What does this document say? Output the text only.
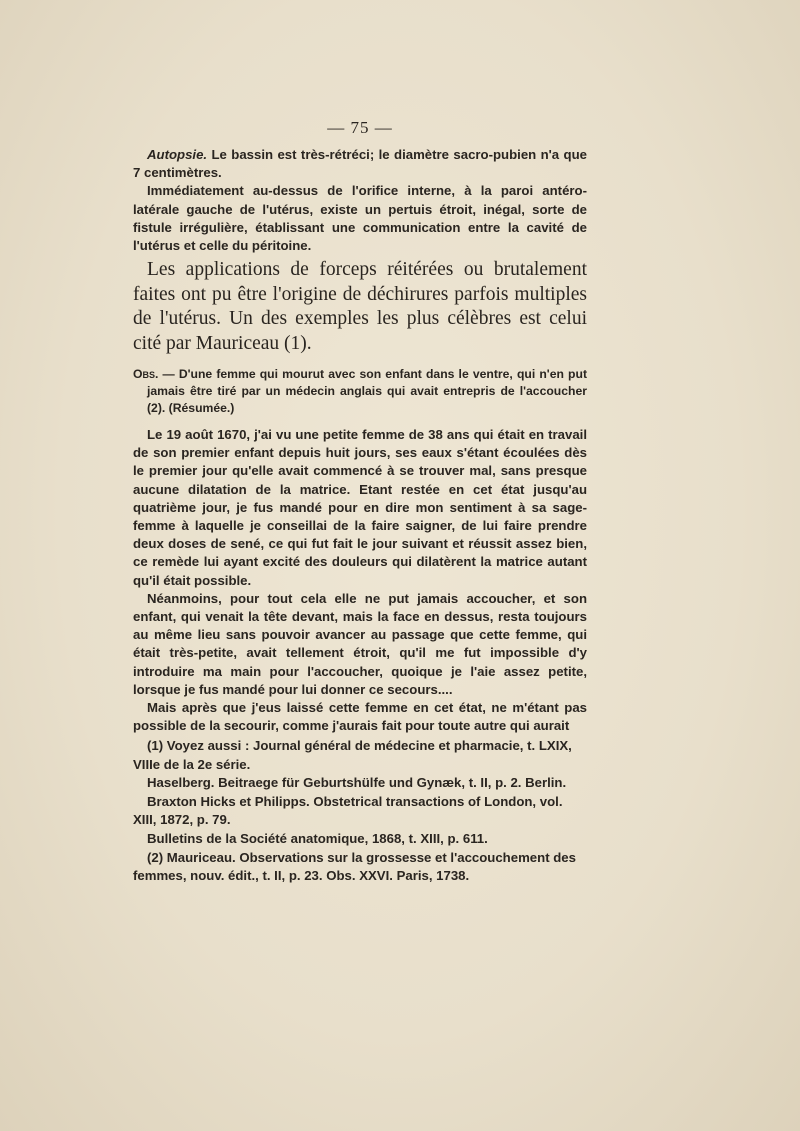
— 75 —

Autopsie. Le bassin est très-rétréci; le diamètre sacro-pubien n'a que 7 centimètres.

Immédiatement au-dessus de l'orifice interne, à la paroi antéro-latérale gauche de l'utérus, existe un pertuis étroit, inégal, sorte de fistule irrégulière, établissant une communication entre la cavité de l'utérus et celle du péritoine.

Les applications de forceps réitérées ou brutalement faites ont pu être l'origine de déchirures parfois multiples de l'utérus. Un des exemples les plus célèbres est celui cité par Mauriceau (1).

Obs. — D'une femme qui mourut avec son enfant dans le ventre, qui n'en put jamais être tiré par un médecin anglais qui avait entrepris de l'accoucher (2). (Résumée.)

Le 19 août 1670, j'ai vu une petite femme de 38 ans qui était en travail de son premier enfant depuis huit jours, ses eaux s'étant écoulées dès le premier jour qu'elle avait commencé à se trouver mal, sans presque aucune dilatation de la matrice. Etant restée en cet état jusqu'au quatrième jour, je fus mandé pour en dire mon sentiment à sa sage-femme à laquelle je conseillai de la faire saigner, de lui faire prendre deux doses de sené, ce qui fut fait le jour suivant et réussit assez bien, ce remède lui ayant excité des douleurs qui dilatèrent la matrice autant qu'il était possible.

Néanmoins, pour tout cela elle ne put jamais accoucher, et son enfant, qui venait la tête devant, mais la face en dessus, resta toujours au même lieu sans pouvoir avancer au passage que cette femme, qui était très-petite, avait tellement étroit, qu'il me fut impossible d'y introduire ma main pour l'accoucher, quoique je l'aie assez petite, lorsque je fus mandé pour lui donner ce secours....

Mais après que j'eus laissé cette femme en cet état, ne m'étant pas possible de la secourir, comme j'aurais fait pour toute autre qui aurait

(1) Voyez aussi : Journal général de médecine et pharmacie, t. LXIX, VIIIe de la 2e série.

Haselberg. Beitraege für Geburtshülfe und Gynæk, t. II, p. 2. Berlin.

Braxton Hicks et Philipps. Obstetrical transactions of London, vol. XIII, 1872, p. 79.

Bulletins de la Société anatomique, 1868, t. XIII, p. 611.

(2) Mauriceau. Observations sur la grossesse et l'accouchement des femmes, nouv. édit., t. II, p. 23. Obs. XXVI. Paris, 1738.
